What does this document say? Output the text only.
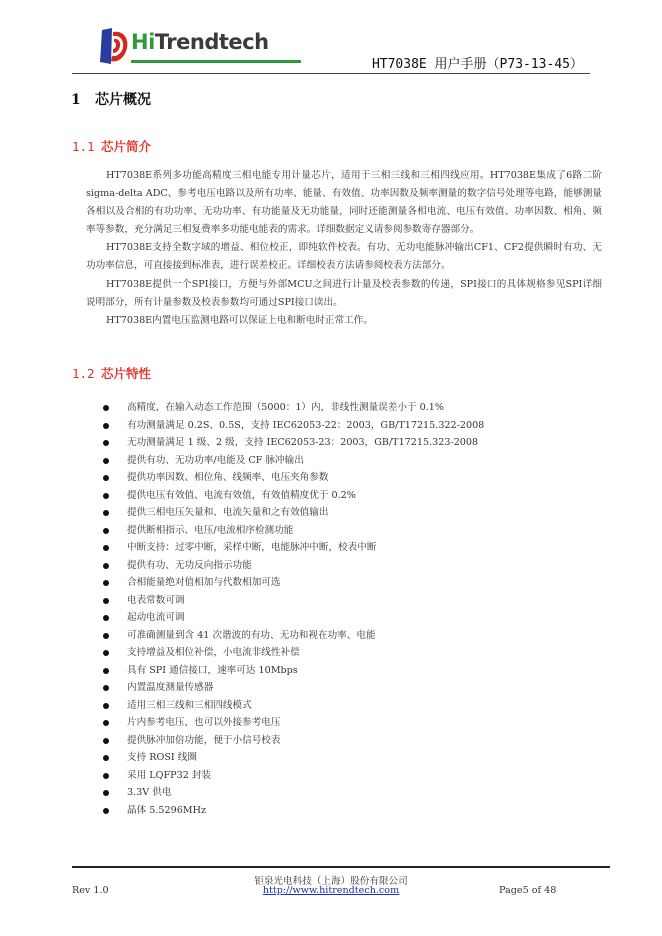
HiTrendtech
HT7038E 用户手册（P73-13-45）
1 芯片概况
1.1 芯片简介

HT7038E系列多功能高精度三相电能专用计量芯片，适用于三相三线和三相四线应用。HT7038E集成了6路二阶sigma-delta ADC、参考电压电路以及所有功率、能量、有效值、功率因数及频率测量的数字信号处理等电路，能够测量各相以及合相的有功功率、无功功率、有功能量及无功能量，同时还能测量各相电流、电压有效值、功率因数、相角、频率等参数，充分满足三相复费率多功能电能表的需求。详细数据定义请参阅参数寄存器部分。

HT7038E支持全数字域的增益、相位校正，即纯软件校表。有功、无功电能脉冲输出CF1、CF2提供瞬时有功、无功功率信息，可直接接到标准表，进行误差校正。详细校表方法请参阅校表方法部分。

HT7038E提供一个SPI接口，方便与外部MCU之间进行计量及校表参数的传递，SPI接口的具体规格参见SPI详细说明部分，所有计量参数及校表参数均可通过SPI接口读出。

HT7038E内置电压监测电路可以保证上电和断电时正常工作。

1.2 芯片特性
高精度，在输入动态工作范围（5000：1）内，非线性测量误差小于 0.1%
有功测量满足 0.2S、0.5S，支持 IEC62053-22：2003，GB/T17215.322-2008
无功测量满足 1 级、2 级，支持 IEC62053-23：2003，GB/T17215.323-2008
提供有功、无功功率/电能及 CF 脉冲输出
提供功率因数、相位角、线频率、电压夹角参数
提供电压有效值、电流有效值，有效值精度优于 0.2%
提供三相电压矢量和、电流矢量和之有效值输出
提供断相指示、电压/电流相序检测功能
中断支持：过零中断，采样中断，电能脉冲中断，校表中断
提供有功、无功反向指示功能
合相能量绝对值相加与代数相加可选
电表常数可调
起动电流可调
可准确测量到含 41 次谐波的有功、无功和视在功率、电能
支持增益及相位补偿，小电流非线性补偿
具有 SPI 通信接口，速率可达 10Mbps
内置温度测量传感器
适用三相三线和三相四线模式
片内参考电压，也可以外接参考电压
提供脉冲加倍功能，便于小信号校表
支持 ROSI 线圈
采用 LQFP32 封装
3.3V 供电
晶体 5.5296MHz
钜泉光电科技（上海）股份有限公司
Rev 1.0	http://www.hitrendtech.com	Page5 of 48
